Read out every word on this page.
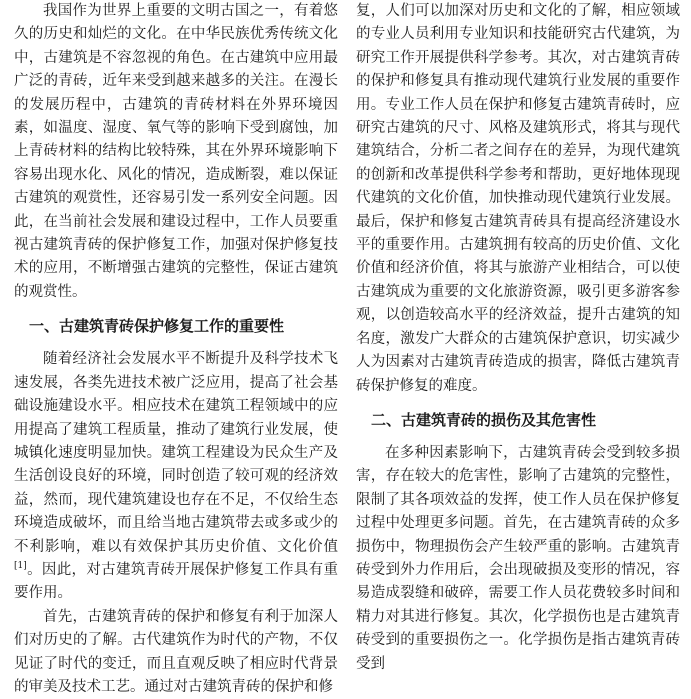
我国作为世界上重要的文明古国之一，有着悠久的历史和灿烂的文化。在中华民族优秀传统文化中，古建筑是不容忽视的角色。在古建筑中应用最广泛的青砖，近年来受到越来越多的关注。在漫长的发展历程中，古建筑的青砖材料在外界环境因素，如温度、湿度、氧气等的影响下受到腐蚀，加上青砖材料的结构比较特殊，其在外界环境影响下容易出现水化、风化的情况，造成断裂，难以保证古建筑的观赏性，还容易引发一系列安全问题。因此，在当前社会发展和建设过程中，工作人员要重视古建筑青砖的保护修复工作，加强对保护修复技术的应用，不断增强古建筑的完整性，保证古建筑的观赏性。

一、古建筑青砖保护修复工作的重要性

随着经济社会发展水平不断提升及科学技术飞速发展，各类先进技术被广泛应用，提高了社会基础设施建设水平。相应技术在建筑工程领域中的应用提高了建筑工程质量，推动了建筑行业发展，使城镇化速度明显加快。建筑工程建设为民众生产及生活创设良好的环境，同时创造了较可观的经济效益，然而，现代建筑建设也存在不足，不仅给生态环境造成破坏，而且给当地古建筑带去或多或少的不利影响，难以有效保护其历史价值、文化价值[1]。因此，对古建筑青砖开展保护修复工作具有重要作用。

首先，古建筑青砖的保护和修复有利于加深人们对历史的了解。古代建筑作为时代的产物，不仅见证了时代的变迁，而且直观反映了相应时代背景的审美及技术工艺。通过对古建筑青砖的保护和修

复，人们可以加深对历史和文化的了解，相应领域的专业人员利用专业知识和技能研究古代建筑，为研究工作开展提供科学参考。其次，对古建筑青砖的保护和修复具有推动现代建筑行业发展的重要作用。专业工作人员在保护和修复古建筑青砖时，应研究古建筑的尺寸、风格及建筑形式，将其与现代建筑结合，分析二者之间存在的差异，为现代建筑的创新和改革提供科学参考和帮助，更好地体现现代建筑的文化价值，加快推动现代建筑行业发展。最后，保护和修复古建筑青砖具有提高经济建设水平的重要作用。古建筑拥有较高的历史价值、文化价值和经济价值，将其与旅游产业相结合，可以使古建筑成为重要的文化旅游资源，吸引更多游客参观，以创造较高水平的经济效益，提升古建筑的知名度，激发广大群众的古建筑保护意识，切实减少人为因素对古建筑青砖造成的损害，降低古建筑青砖保护修复的难度。

二、古建筑青砖的损伤及其危害性

在多种因素影响下，古建筑青砖会受到较多损害，存在较大的危害性，影响了古建筑的完整性，限制了其各项效益的发挥，使工作人员在保护修复过程中处理更多问题。首先，在古建筑青砖的众多损伤中，物理损伤会产生较严重的影响。古建筑青砖受到外力作用后，会出现破损及变形的情况，容易造成裂缝和破碎，需要工作人员花费较多时间和精力对其进行修复。其次，化学损伤也是古建筑青砖受到的重要损伤之一。化学损伤是指古建筑青砖受到
